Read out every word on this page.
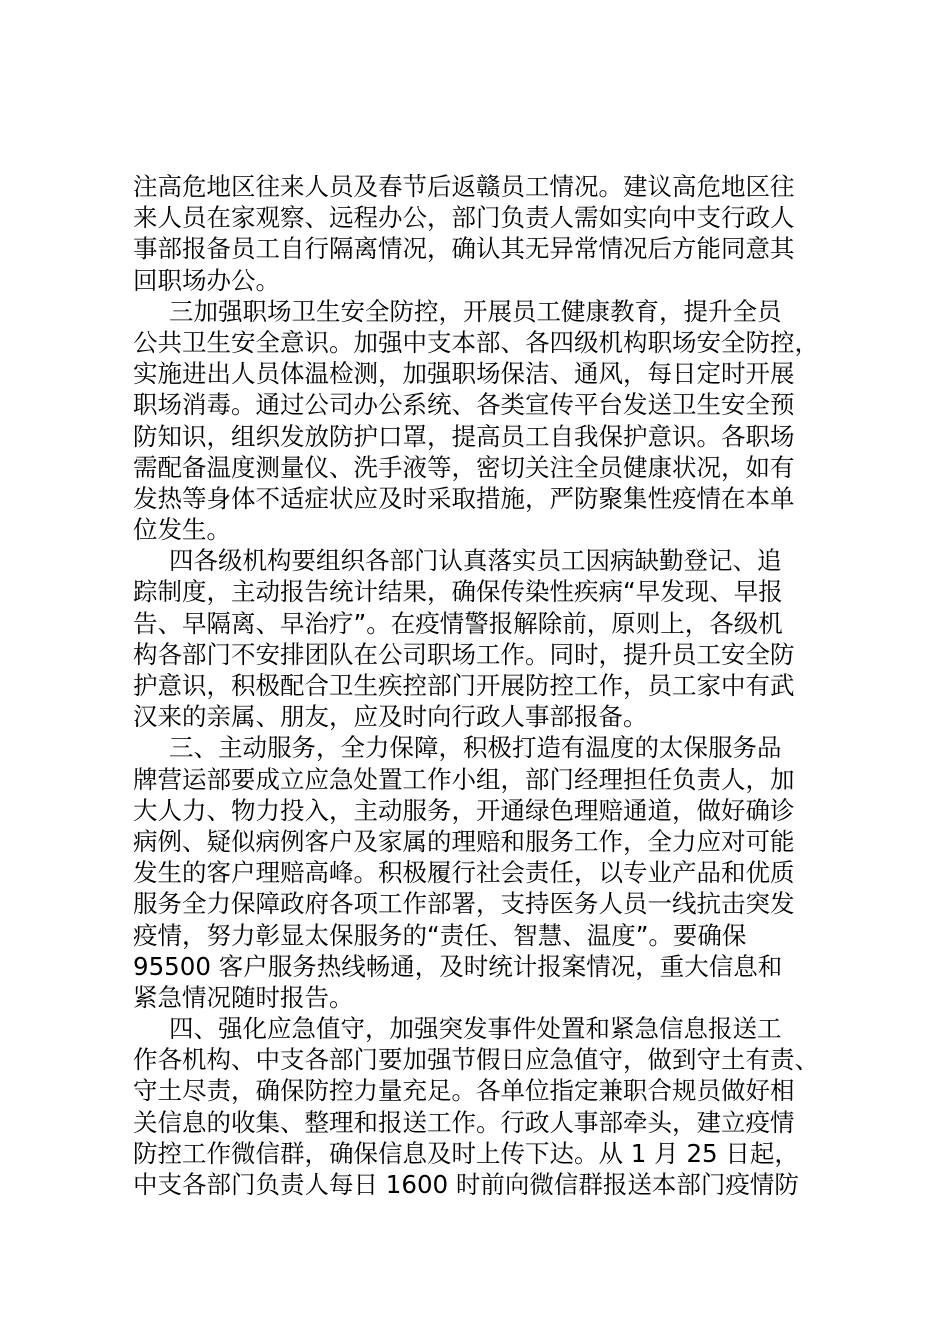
注高危地区往来人员及春节后返赣员工情况。建议高危地区往
来人员在家观察、远程办公，部门负责人需如实向中支行政人
事部报备员工自行隔离情况，确认其无异常情况后方能同意其
回职场办公。
三加强职场卫生安全防控，开展员工健康教育，提升全员
公共卫生安全意识。加强中支本部、各四级机构职场安全防控，
实施进出人员体温检测，加强职场保洁、通风，每日定时开展
职场消毒。通过公司办公系统、各类宣传平台发送卫生安全预
防知识，组织发放防护口罩，提高员工自我保护意识。各职场
需配备温度测量仪、洗手液等，密切关注全员健康状况，如有
发热等身体不适症状应及时采取措施，严防聚集性疫情在本单
位发生。
四各级机构要组织各部门认真落实员工因病缺勤登记、追
踪制度，主动报告统计结果，确保传染性疾病“早发现、早报
告、早隔离、早治疗”。在疫情警报解除前，原则上，各级机
构各部门不安排团队在公司职场工作。同时，提升员工安全防
护意识，积极配合卫生疾控部门开展防控工作，员工家中有武
汉来的亲属、朋友，应及时向行政人事部报备。
三、主动服务，全力保障，积极打造有温度的太保服务品
牌营运部要成立应急处置工作小组，部门经理担任负责人，加
大人力、物力投入，主动服务，开通绿色理赔通道，做好确诊
病例、疑似病例客户及家属的理赔和服务工作，全力应对可能
发生的客户理赔高峰。积极履行社会责任，以专业产品和优质
服务全力保障政府各项工作部署，支持医务人员一线抗击突发
疫情，努力彰显太保服务的“责任、智慧、温度”。要确保
95500 客户服务热线畅通，及时统计报案情况，重大信息和
紧急情况随时报告。
四、强化应急值守，加强突发事件处置和紧急信息报送工
作各机构、中支各部门要加强节假日应急值守，做到守土有责、
守土尽责，确保防控力量充足。各单位指定兼职合规员做好相
关信息的收集、整理和报送工作。行政人事部牵头，建立疫情
防控工作微信群，确保信息及时上传下达。从 1 月 25 日起，
中支各部门负责人每日 1600 时前向微信群报送本部门疫情防
